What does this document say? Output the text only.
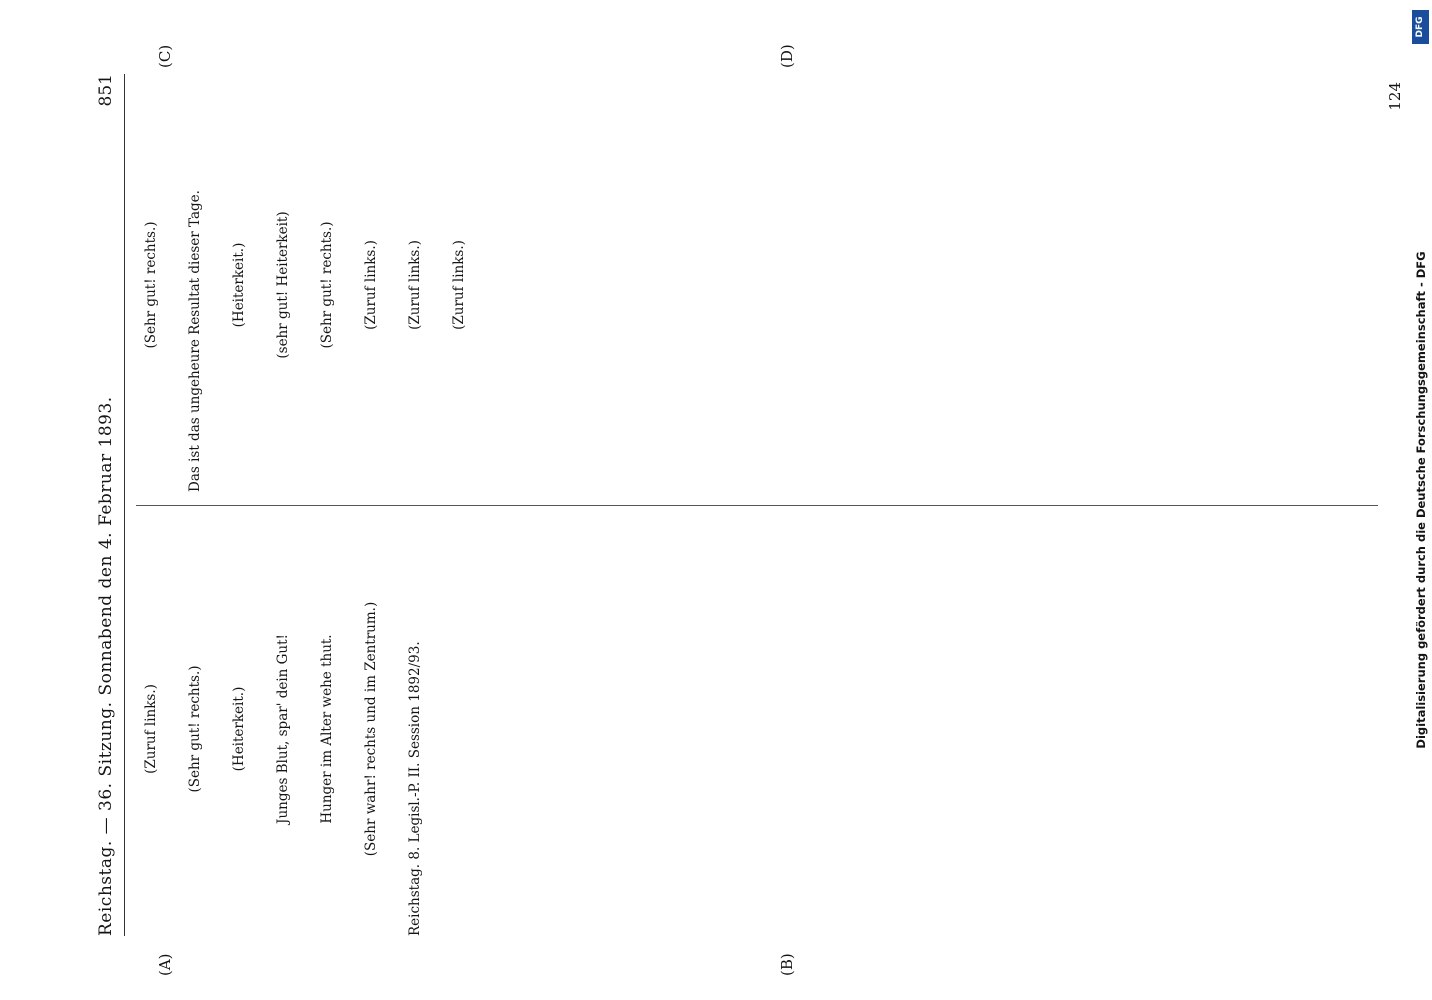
Reichstag. — 36. Sitzung. Sonnabend den 4. Februar 1893.
851
(A)	(B)
(C)	(D)
(Zuruf links.) (Sehr gut! rechts.) (Heiterkeit.) Junges Blut, spar' dein Gut! Hunger im Alter wehe thut. (Sehr wahr! rechts und im Zentrum.) Reichstag. 8. Legisl.-P. II. Session 1892/93.
(Sehr gut! rechts.) Das ist das ungeheure Resultat dieser Tage. (Heiterkeit.) (sehr gut! Heiterkeit) (Sehr gut! rechts.) (Zuruf links.) (Zuruf links.) (Zuruf links.)
124
Digitalisierung gefördert durch die Deutsche Forschungsgemeinschaft - DFG
DFG
